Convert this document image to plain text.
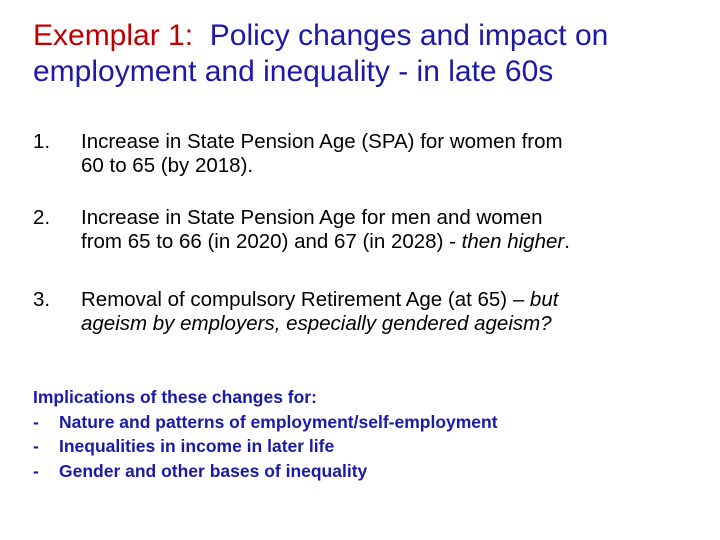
Exemplar 1: Policy changes and impact on
employment and inequality - in late 60s
1. Increase in State Pension Age (SPA) for women from
60 to 65 (by 2018).
2. Increase in State Pension Age for men and women
from 65 to 66 (in 2020) and 67 (in 2028) - then higher.
3. Removal of compulsory Retirement Age (at 65) – but
ageism by employers, especially gendered ageism?
Implications of these changes for:
- Nature and patterns of employment/self-employment
- Inequalities in income in later life
- Gender and other bases of inequality
